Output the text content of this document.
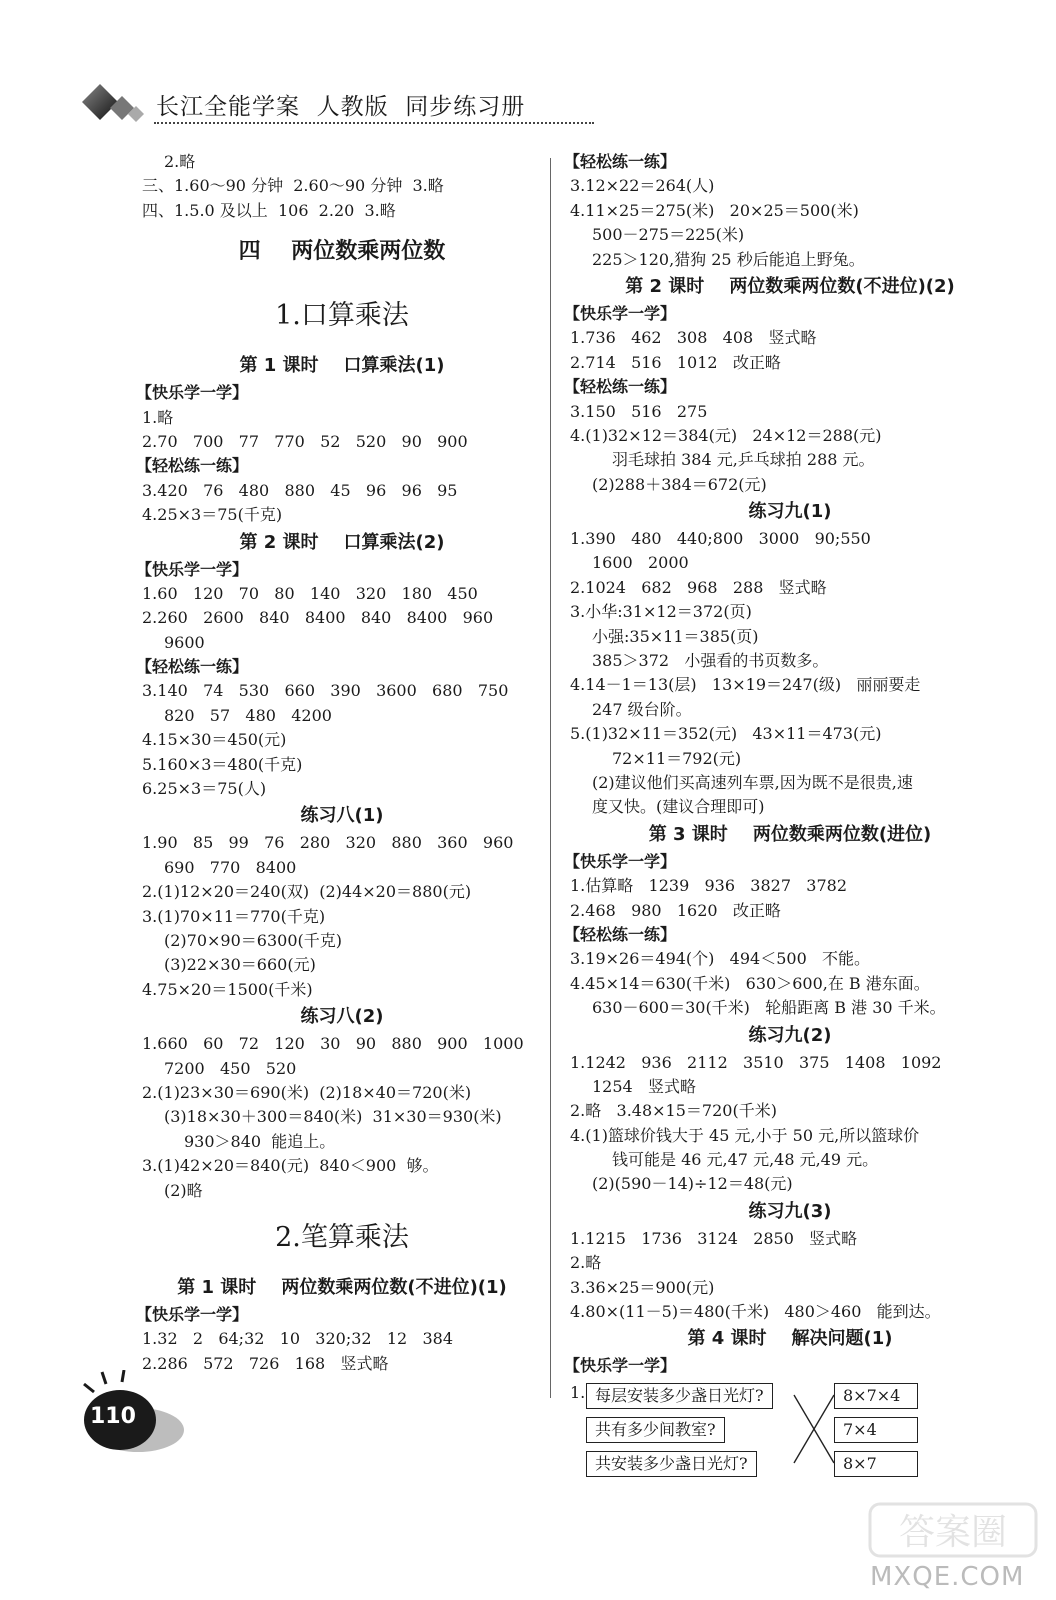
长江全能学案  人教版  同步练习册
2.略
三、1.60～90 分钟  2.60～90 分钟  3.略
四、1.5.0 及以上  106  2.20  3.略
四    两位数乘两位数
1.口算乘法
第 1 课时    口算乘法(1)
【快乐学一学】
1.略
2.70   700   77   770   52   520   90   900
【轻松练一练】
3.420   76   480   880   45   96   96   95
4.25×3＝75(千克)
第 2 课时    口算乘法(2)
【快乐学一学】
1.60   120   70   80   140   320   180   450
2.260   2600   840   8400   840   8400   960
9600
【轻松练一练】
3.140   74   530   660   390   3600   680   750
820   57   480   4200
4.15×30＝450(元)
5.160×3＝480(千克)
6.25×3＝75(人)
练习八(1)
1.90   85   99   76   280   320   880   360   960
690   770   8400
2.(1)12×20＝240(双)  (2)44×20＝880(元)
3.(1)70×11＝770(千克)
(2)70×90＝6300(千克)
(3)22×30＝660(元)
4.75×20＝1500(千米)
练习八(2)
1.660   60   72   120   30   90   880   900   1000
7200   450   520
2.(1)23×30＝690(米)  (2)18×40＝720(米)
(3)18×30＋300＝840(米)  31×30＝930(米)
930＞840  能追上。
3.(1)42×20＝840(元)  840＜900  够。
(2)略
2.笔算乘法
第 1 课时    两位数乘两位数(不进位)(1)
【快乐学一学】
1.32   2   64;32   10   320;32   12   384
2.286   572   726   168   竖式略
【轻松练一练】
3.12×22＝264(人)
4.11×25＝275(米)   20×25＝500(米)
500－275＝225(米)
225＞120,猎狗 25 秒后能追上野兔。
第 2 课时    两位数乘两位数(不进位)(2)
【快乐学一学】
1.736   462   308   408   竖式略
2.714   516   1012   改正略
【轻松练一练】
3.150   516   275
4.(1)32×12＝384(元)   24×12＝288(元)
羽毛球拍 384 元,乒乓球拍 288 元。
(2)288＋384＝672(元)
练习九(1)
1.390   480   440;800   3000   90;550
1600   2000
2.1024   682   968   288   竖式略
3.小华:31×12＝372(页)
小强:35×11＝385(页)
385＞372   小强看的书页数多。
4.14－1＝13(层)   13×19＝247(级)   丽丽要走
247 级台阶。
5.(1)32×11＝352(元)   43×11＝473(元)
72×11＝792(元)
(2)建议他们买高速列车票,因为既不是很贵,速
度又快。(建议合理即可)
第 3 课时    两位数乘两位数(进位)
【快乐学一学】
1.估算略   1239   936   3827   3782
2.468   980   1620   改正略
【轻松练一练】
3.19×26＝494(个)   494＜500   不能。
4.45×14＝630(千米)   630＞600,在 B 港东面。
630－600＝30(千米)   轮船距离 B 港 30 千米。
练习九(2)
1.1242   936   2112   3510   375   1408   1092
1254   竖式略
2.略   3.48×15＝720(千米)
4.(1)篮球价钱大于 45 元,小于 50 元,所以篮球价
钱可能是 46 元,47 元,48 元,49 元。
(2)(590－14)÷12＝48(元)
练习九(3)
1.1215   1736   3124   2850   竖式略
2.略
3.36×25＝900(元)
4.80×(11－5)＝480(千米)   480＞460   能到达。
第 4 课时    解决问题(1)
【快乐学一学】
1. 每层安装多少盏日光灯?
共有多少间教室?
共安装多少盏日光灯?
8×7×4
7×4
8×7
110
答案圈
MXQE.COM
